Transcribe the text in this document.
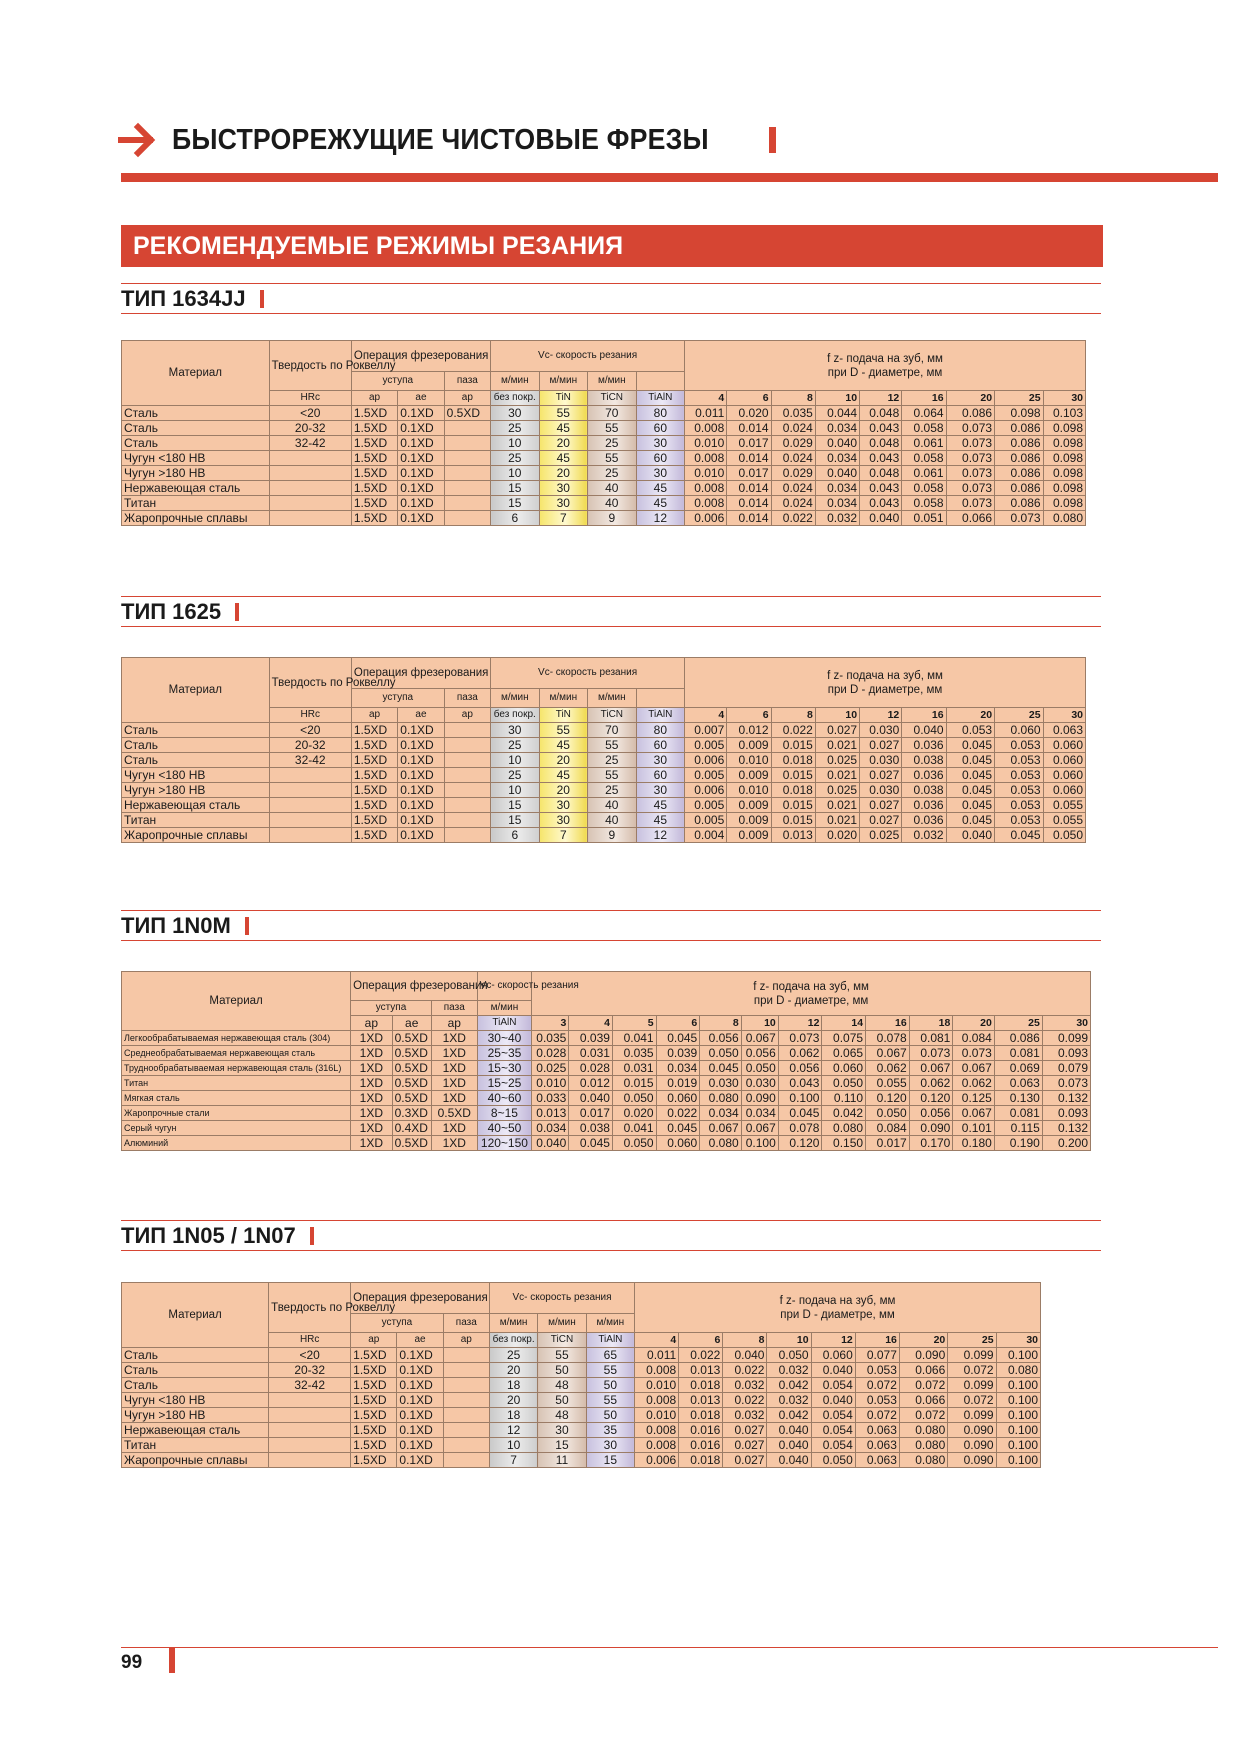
БЫСТРОРЕЖУЩИЕ ЧИСТОВЫЕ ФРЕЗЫ
РЕКОМЕНДУЕМЫЕ РЕЖИМЫ РЕЗАНИЯ
ТИП 1634JJ
ТИП 1625
ТИП 1N0M
ТИП 1N05 / 1N07
Материал	Твердость по Роквеллу	Операция фрезерования			Vc- скорость резания				f z- подача на зуб, мм
при D - диаметре, мм								

		уступа		паза	м/мин	м/мин	м/мин										
	HRc	ap	ae	ap	без покр.	TiN	TiCN	TiAlN	4	6	8	10	12	16	20	25	30
Сталь	<20	1.5XD	0.1XD	0.5XD	30	55	70	80	0.011	0.020	0.035	0.044	0.048	0.064	0.086	0.098	0.103
Сталь	20-32	1.5XD	0.1XD		25	45	55	60	0.008	0.014	0.024	0.034	0.043	0.058	0.073	0.086	0.098
Сталь	32-42	1.5XD	0.1XD		10	20	25	30	0.010	0.017	0.029	0.040	0.048	0.061	0.073	0.086	0.098
Чугун <180 HB		1.5XD	0.1XD		25	45	55	60	0.008	0.014	0.024	0.034	0.043	0.058	0.073	0.086	0.098
Чугун >180 HB		1.5XD	0.1XD		10	20	25	30	0.010	0.017	0.029	0.040	0.048	0.061	0.073	0.086	0.098
Нержавеющая сталь		1.5XD	0.1XD		15	30	40	45	0.008	0.014	0.024	0.034	0.043	0.058	0.073	0.086	0.098
Титан		1.5XD	0.1XD		15	30	40	45	0.008	0.014	0.024	0.034	0.043	0.058	0.073	0.086	0.098
Жаропрочные сплавы		1.5XD	0.1XD		6	7	9	12	0.006	0.014	0.022	0.032	0.040	0.051	0.066	0.073	0.080
Материал	Твердость по Роквеллу	Операция фрезерования			Vc- скорость резания				f z- подача на зуб, мм
при D - диаметре, мм								

		уступа		паза	м/мин	м/мин	м/мин										
	HRc	ap	ae	ap	без покр.	TiN	TiCN	TiAlN	4	6	8	10	12	16	20	25	30
Сталь	<20	1.5XD	0.1XD		30	55	70	80	0.007	0.012	0.022	0.027	0.030	0.040	0.053	0.060	0.063
Сталь	20-32	1.5XD	0.1XD		25	45	55	60	0.005	0.009	0.015	0.021	0.027	0.036	0.045	0.053	0.060
Сталь	32-42	1.5XD	0.1XD		10	20	25	30	0.006	0.010	0.018	0.025	0.030	0.038	0.045	0.053	0.060
Чугун <180 HB		1.5XD	0.1XD		25	45	55	60	0.005	0.009	0.015	0.021	0.027	0.036	0.045	0.053	0.060
Чугун >180 HB		1.5XD	0.1XD		10	20	25	30	0.006	0.010	0.018	0.025	0.030	0.038	0.045	0.053	0.060
Нержавеющая сталь		1.5XD	0.1XD		15	30	40	45	0.005	0.009	0.015	0.021	0.027	0.036	0.045	0.053	0.055
Титан		1.5XD	0.1XD		15	30	40	45	0.005	0.009	0.015	0.021	0.027	0.036	0.045	0.053	0.055
Жаропрочные сплавы		1.5XD	0.1XD		6	7	9	12	0.004	0.009	0.013	0.020	0.025	0.032	0.040	0.045	0.050
Материал	Операция фрезерования			Vc- скорость резания	f z- подача на зуб, мм
при D - диаметре, мм												

	уступа		паза	м/мин													
	ap	ae	ap	TiAlN	3	4	5	6	8	10	12	14	16	18	20	25	30
Легкообрабатываемая нержавеющая сталь (304)	1XD	0.5XD	1XD	30~40	0.035	0.039	0.041	0.045	0.056	0.067	0.073	0.075	0.078	0.081	0.084	0.086	0.099
Среднеобрабатываемая нержавеющая сталь	1XD	0.5XD	1XD	25~35	0.028	0.031	0.035	0.039	0.050	0.056	0.062	0.065	0.067	0.073	0.073	0.081	0.093
Трудноoбрабатываемая нержавеющая сталь (316L)	1XD	0.5XD	1XD	15~30	0.025	0.028	0.031	0.034	0.045	0.050	0.056	0.060	0.062	0.067	0.067	0.069	0.079
Титан	1XD	0.5XD	1XD	15~25	0.010	0.012	0.015	0.019	0.030	0.030	0.043	0.050	0.055	0.062	0.062	0.063	0.073
Мягкая сталь	1XD	0.5XD	1XD	40~60	0.033	0.040	0.050	0.060	0.080	0.090	0.100	0.110	0.120	0.120	0.125	0.130	0.132
Жаропрочные стали	1XD	0.3XD	0.5XD	8~15	0.013	0.017	0.020	0.022	0.034	0.034	0.045	0.042	0.050	0.056	0.067	0.081	0.093
Серый чугун	1XD	0.4XD	1XD	40~50	0.034	0.038	0.041	0.045	0.067	0.067	0.078	0.080	0.084	0.090	0.101	0.115	0.132
Алюминий	1XD	0.5XD	1XD	120~150	0.040	0.045	0.050	0.060	0.080	0.100	0.120	0.150	0.017	0.170	0.180	0.190	0.200
Материал	Твердость по Роквеллу	Операция фрезерования			Vc- скорость резания			f z- подача на зуб, мм
при D - диаметре, мм								

		уступа		паза	м/мин	м/мин	м/мин									
	HRc	ap	ae	ap	без покр.	TiCN	TiAlN	4	6	8	10	12	16	20	25	30
Сталь	<20	1.5XD	0.1XD		25	55	65	0.011	0.022	0.040	0.050	0.060	0.077	0.090	0.099	0.100
Сталь	20-32	1.5XD	0.1XD		20	50	55	0.008	0.013	0.022	0.032	0.040	0.053	0.066	0.072	0.080
Сталь	32-42	1.5XD	0.1XD		18	48	50	0.010	0.018	0.032	0.042	0.054	0.072	0.072	0.099	0.100
Чугун <180 HB		1.5XD	0.1XD		20	50	55	0.008	0.013	0.022	0.032	0.040	0.053	0.066	0.072	0.100
Чугун >180 HB		1.5XD	0.1XD		18	48	50	0.010	0.018	0.032	0.042	0.054	0.072	0.072	0.099	0.100
Нержавеющая сталь		1.5XD	0.1XD		12	30	35	0.008	0.016	0.027	0.040	0.054	0.063	0.080	0.090	0.100
Титан		1.5XD	0.1XD		10	15	30	0.008	0.016	0.027	0.040	0.054	0.063	0.080	0.090	0.100
Жаропрочные сплавы		1.5XD	0.1XD		7	11	15	0.006	0.018	0.027	0.040	0.050	0.063	0.080	0.090	0.100
99
